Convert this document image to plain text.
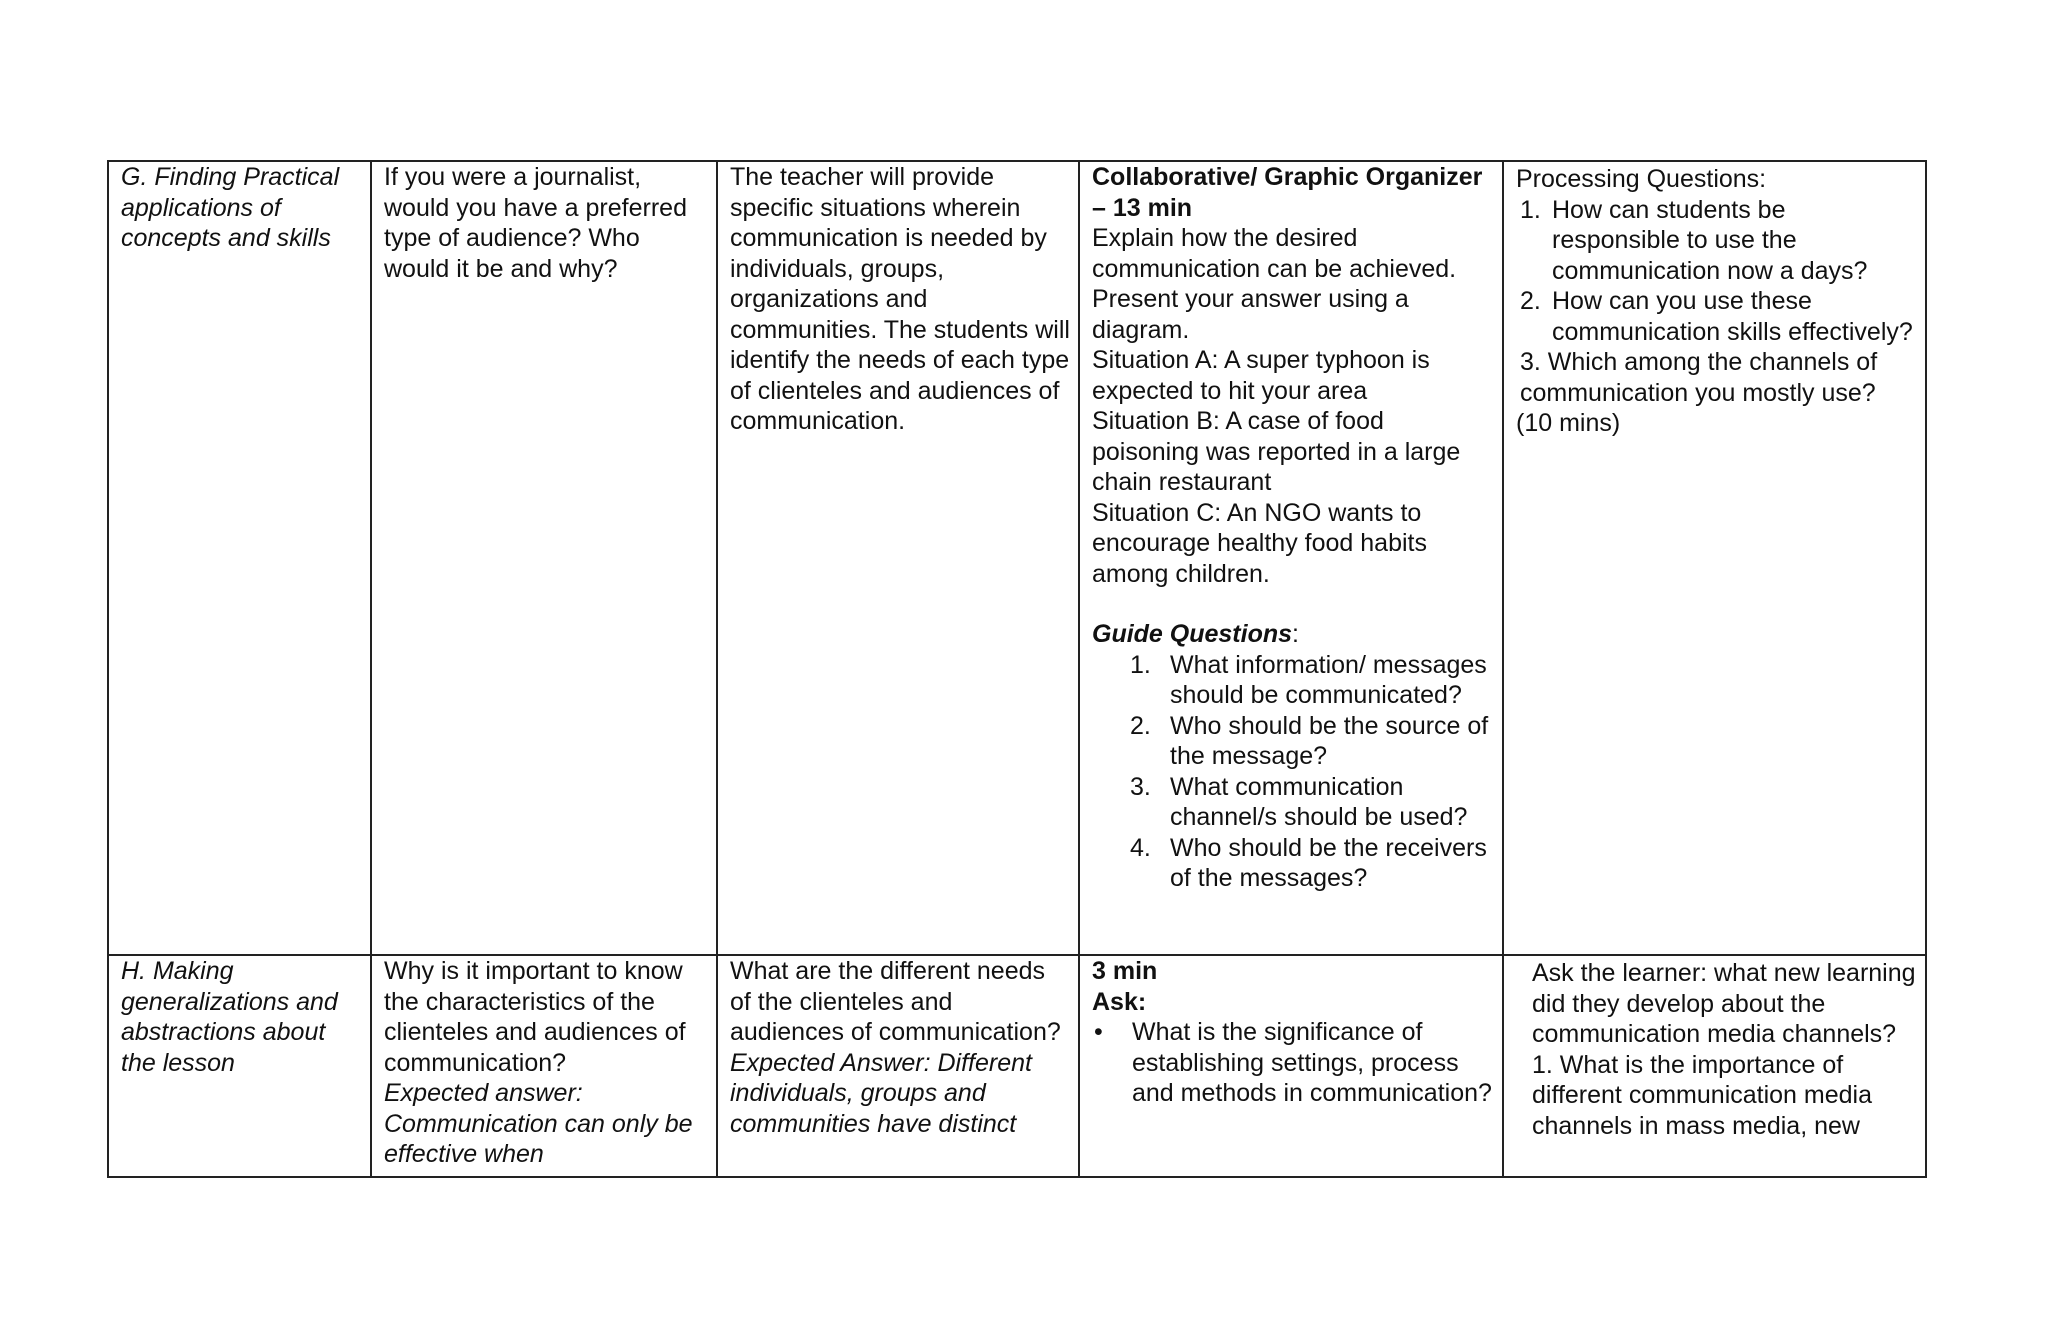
G. Finding Practical applications of concepts and skills

If you were a journalist, would you have a preferred type of audience? Who would it be and why?

The teacher will provide specific situations wherein communication is needed by individuals, groups, organizations and communities. The students will identify the needs of each type of clienteles and audiences of communication.

Collaborative/ Graphic Organizer – 13 min

Explain how the desired communication can be achieved. Present your answer using a diagram.

Situation A: A super typhoon is expected to hit your area

Situation B: A case of food poisoning was reported in a large chain restaurant

Situation C: An NGO wants to encourage healthy food habits among children.

Guide Questions:

1. What information/ messages should be communicated?
2. Who should be the source of the message?
3. What communication channel/s should be used?
4. Who should be the receivers of the messages?

Processing Questions:

1. How can students be responsible to use the communication now a days?
2. How can you use these communication skills effectively?

3. Which among the channels of communication you mostly use?

(10 mins)

H. Making generalizations and abstractions about the lesson

Why is it important to know the characteristics of the clienteles and audiences of communication?

Expected answer: Communication can only be effective when

What are the different needs of the clienteles and audiences of communication?

Expected Answer: Different individuals, groups and communities have distinct

3 min

Ask:

• What is the significance of establishing settings, process and methods in communication?

Ask the learner: what new learning did they develop about the communication media channels?

1. What is the importance of different communication media channels in mass media, new
